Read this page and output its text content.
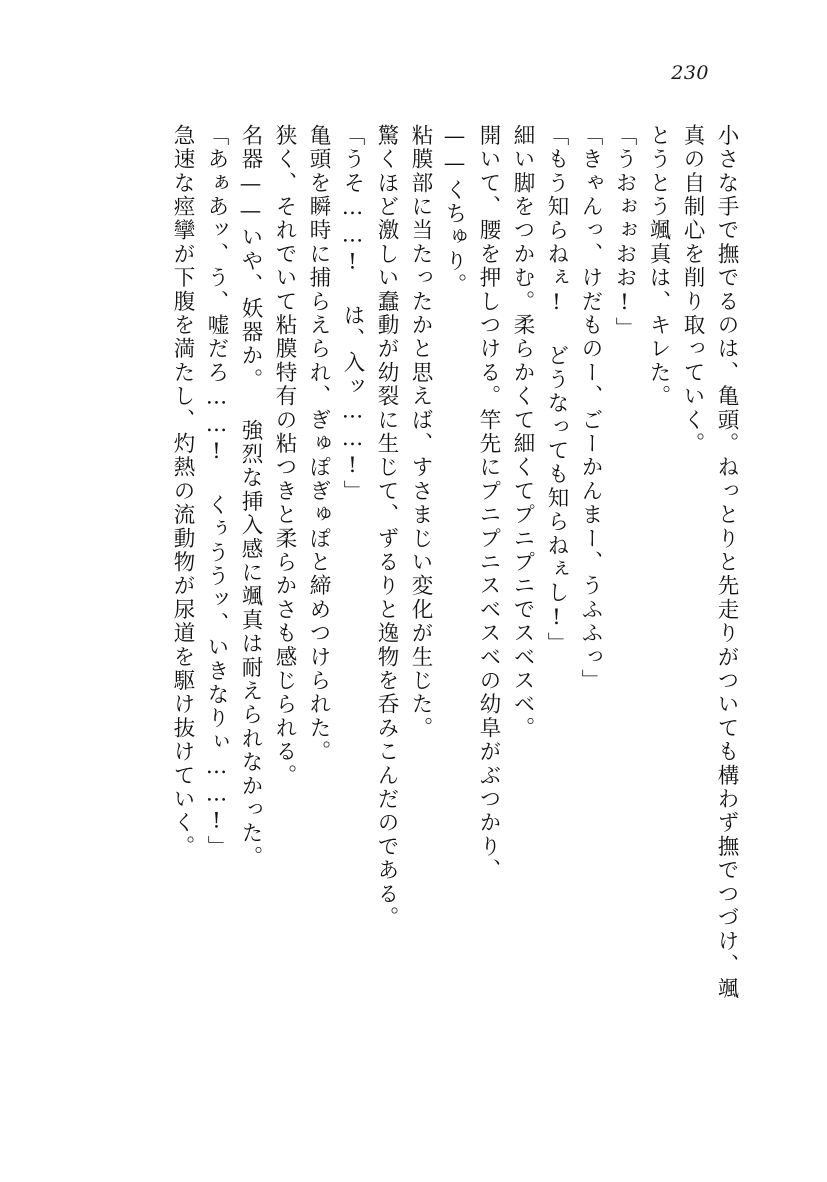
230
小さな手で撫でるのは、亀頭。ねっとりと先走りがついても構わず撫でつづけ、颯
真の自制心を削り取っていく。
とうとう颯真は、キレた。
「うおぉぉおお!」
「きゃんっ、けだものー、ごーかんまー、うふふっ」
「もう知らねぇ! どうなっても知らねぇし!」
細い脚をつかむ。柔らかくて細くてプニプニでスベスベ。
開いて、腰を押しつける。竿先にプニプニスベスベの幼阜がぶつかり、
——くちゅり。
粘膜部に当たったかと思えば、すさまじい変化が生じた。
驚くほど激しい蠢動が幼裂に生じて、ずるりと逸物を呑みこんだのである。
「うそ……! は、入ッ……!」
亀頭を瞬時に捕らえられ、ぎゅぽぎゅぽと締めつけられた。
狭く、それでいて粘膜特有の粘つきと柔らかさも感じられる。
名器——いや、妖器か。 強烈な挿入感に颯真は耐えられなかった。
「あぁあッ、う、嘘だろ……! くぅううッ、いきなりぃ……!」
急速な痙攣が下腹を満たし、灼熱の流動物が尿道を駆け抜けていく。
